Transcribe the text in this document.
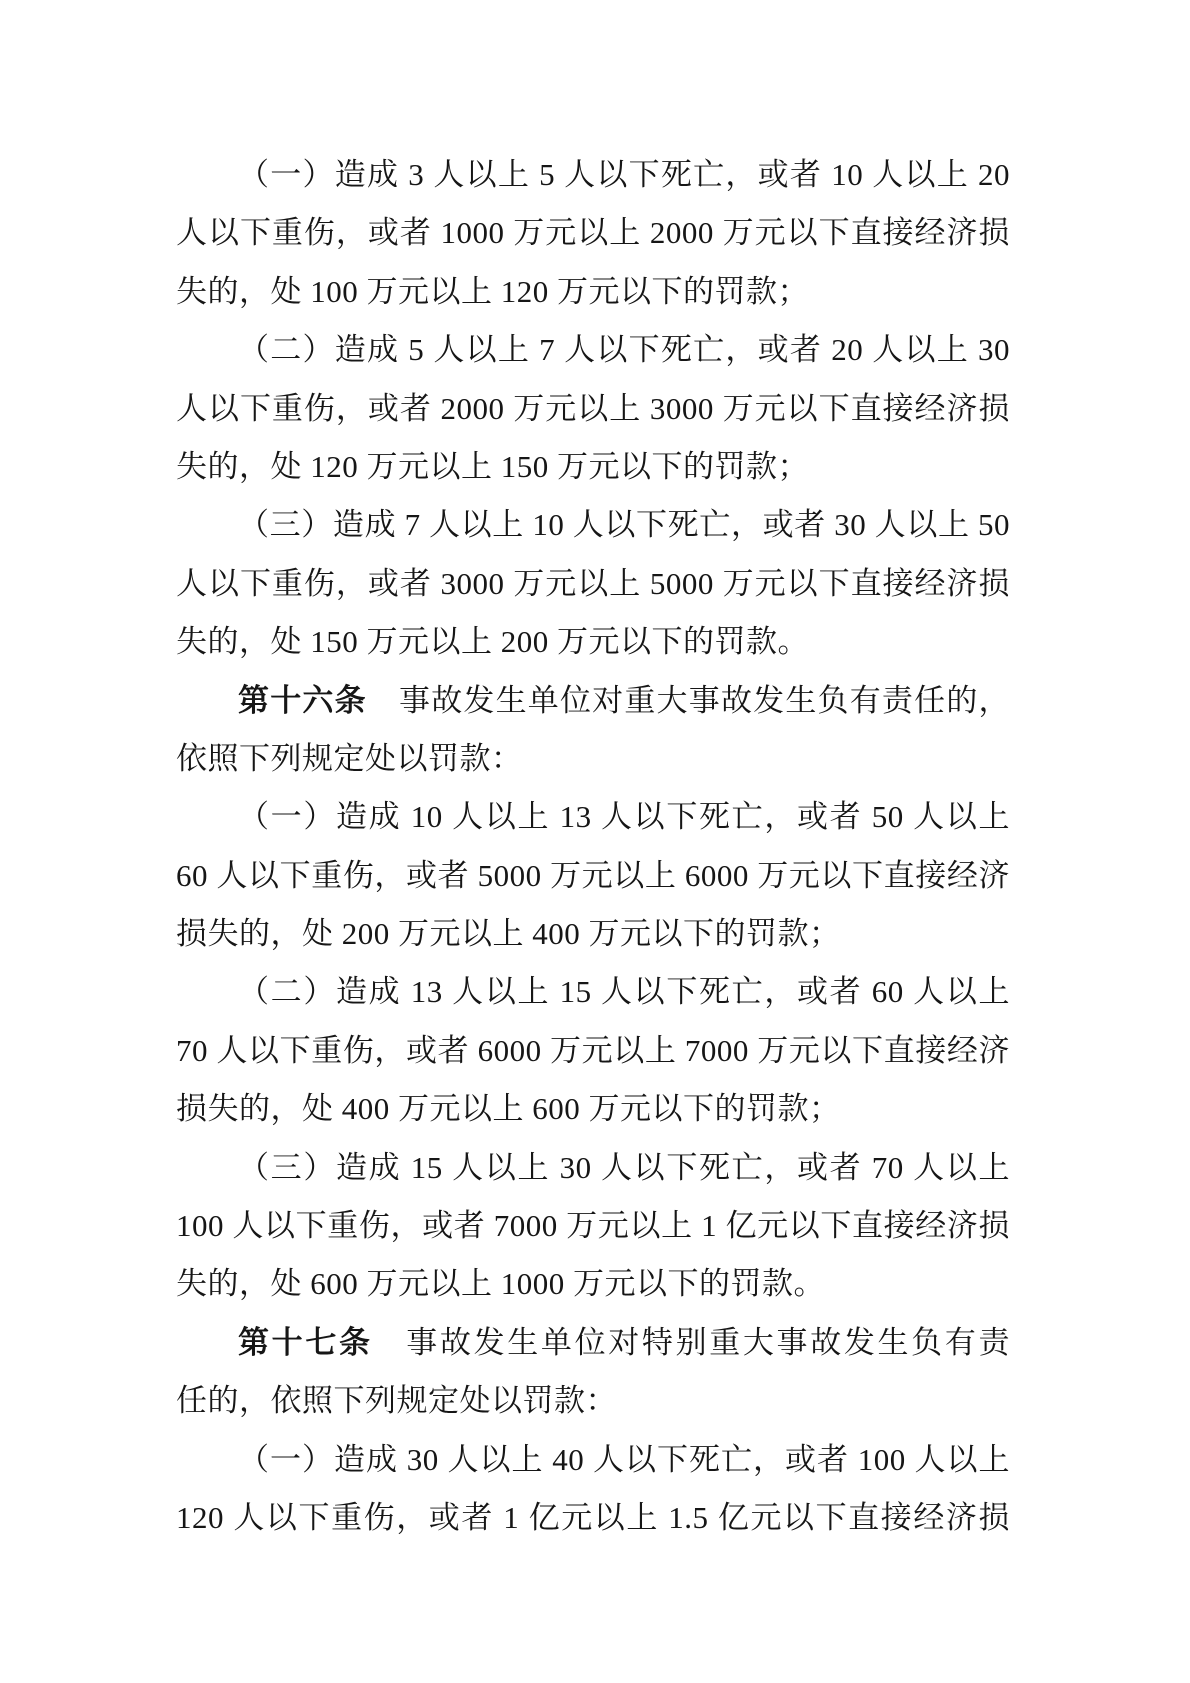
（一）造成 3 人以上 5 人以下死亡，或者 10 人以上 20
人以下重伤，或者 1000 万元以上 2000 万元以下直接经济损
失的，处 100 万元以上 120 万元以下的罚款；
（二）造成 5 人以上 7 人以下死亡，或者 20 人以上 30
人以下重伤，或者 2000 万元以上 3000 万元以下直接经济损
失的，处 120 万元以上 150 万元以下的罚款；
（三）造成 7 人以上 10 人以下死亡，或者 30 人以上 50
人以下重伤，或者 3000 万元以上 5000 万元以下直接经济损
失的，处 150 万元以上 200 万元以下的罚款。
第十六条　事故发生单位对重大事故发生负有责任的，
依照下列规定处以罚款：
（一）造成 10 人以上 13 人以下死亡，或者 50 人以上
60 人以下重伤，或者 5000 万元以上 6000 万元以下直接经济
损失的，处 200 万元以上 400 万元以下的罚款；
（二）造成 13 人以上 15 人以下死亡，或者 60 人以上
70 人以下重伤，或者 6000 万元以上 7000 万元以下直接经济
损失的，处 400 万元以上 600 万元以下的罚款；
（三）造成 15 人以上 30 人以下死亡，或者 70 人以上
100 人以下重伤，或者 7000 万元以上 1 亿元以下直接经济损
失的，处 600 万元以上 1000 万元以下的罚款。
第十七条　事故发生单位对特别重大事故发生负有责
任的，依照下列规定处以罚款：
（一）造成 30 人以上 40 人以下死亡，或者 100 人以上
120 人以下重伤，或者 1 亿元以上 1.5 亿元以下直接经济损
